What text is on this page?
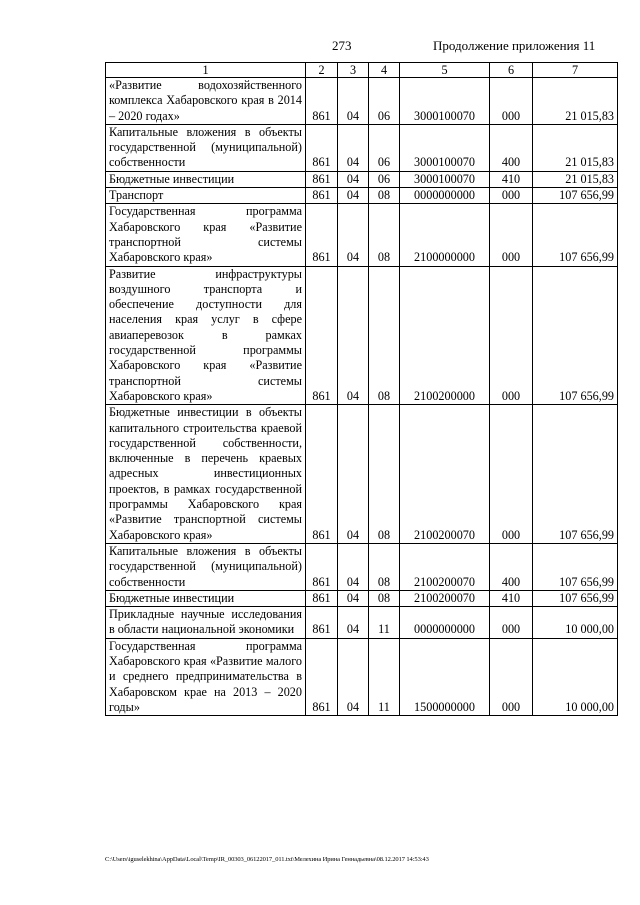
273	Продолжение приложения 11
1	2	3	4	5	6	7
«Развитие водохозяйственного комплекса Хабаровского края в 2014 – 2020 годах»	861	04	06	3000100070	000	21 015,83
Капитальные вложения в объекты государственной (муниципальной) собственности	861	04	06	3000100070	400	21 015,83
Бюджетные инвестиции	861	04	06	3000100070	410	21 015,83
Транспорт	861	04	08	0000000000	000	107 656,99
Государственная программа Хабаровского края «Развитие транспортной системы Хабаровского края»	861	04	08	2100000000	000	107 656,99
Развитие инфраструктуры воздушного транспорта и обеспечение доступности для населения края услуг в сфере авиаперевозок в рамках государственной программы Хабаровского края «Развитие транспортной системы Хабаровского края»	861	04	08	2100200000	000	107 656,99
Бюджетные инвестиции в объекты капитального строительства краевой государственной собственности, включенные в перечень краевых адресных инвестиционных проектов, в рамках государственной программы Хабаровского края «Развитие транспортной системы Хабаровского края»	861	04	08	2100200070	000	107 656,99
Капитальные вложения в объекты государственной (муниципальной) собственности	861	04	08	2100200070	400	107 656,99
Бюджетные инвестиции	861	04	08	2100200070	410	107 656,99
Прикладные научные исследования в области национальной экономики	861	04	11	0000000000	000	10 000,00
Государственная программа Хабаровского края «Развитие малого и среднего предпринимательства в Хабаровском крае на 2013 – 2020 годы»	861	04	11	1500000000	000	10 000,00
C:\Users\iguselekhina\AppData\Local\Temp\IR_00303_06122017_011.txt\Мелехина Ирина Геннадьевна\08.12.2017 14:53:43
